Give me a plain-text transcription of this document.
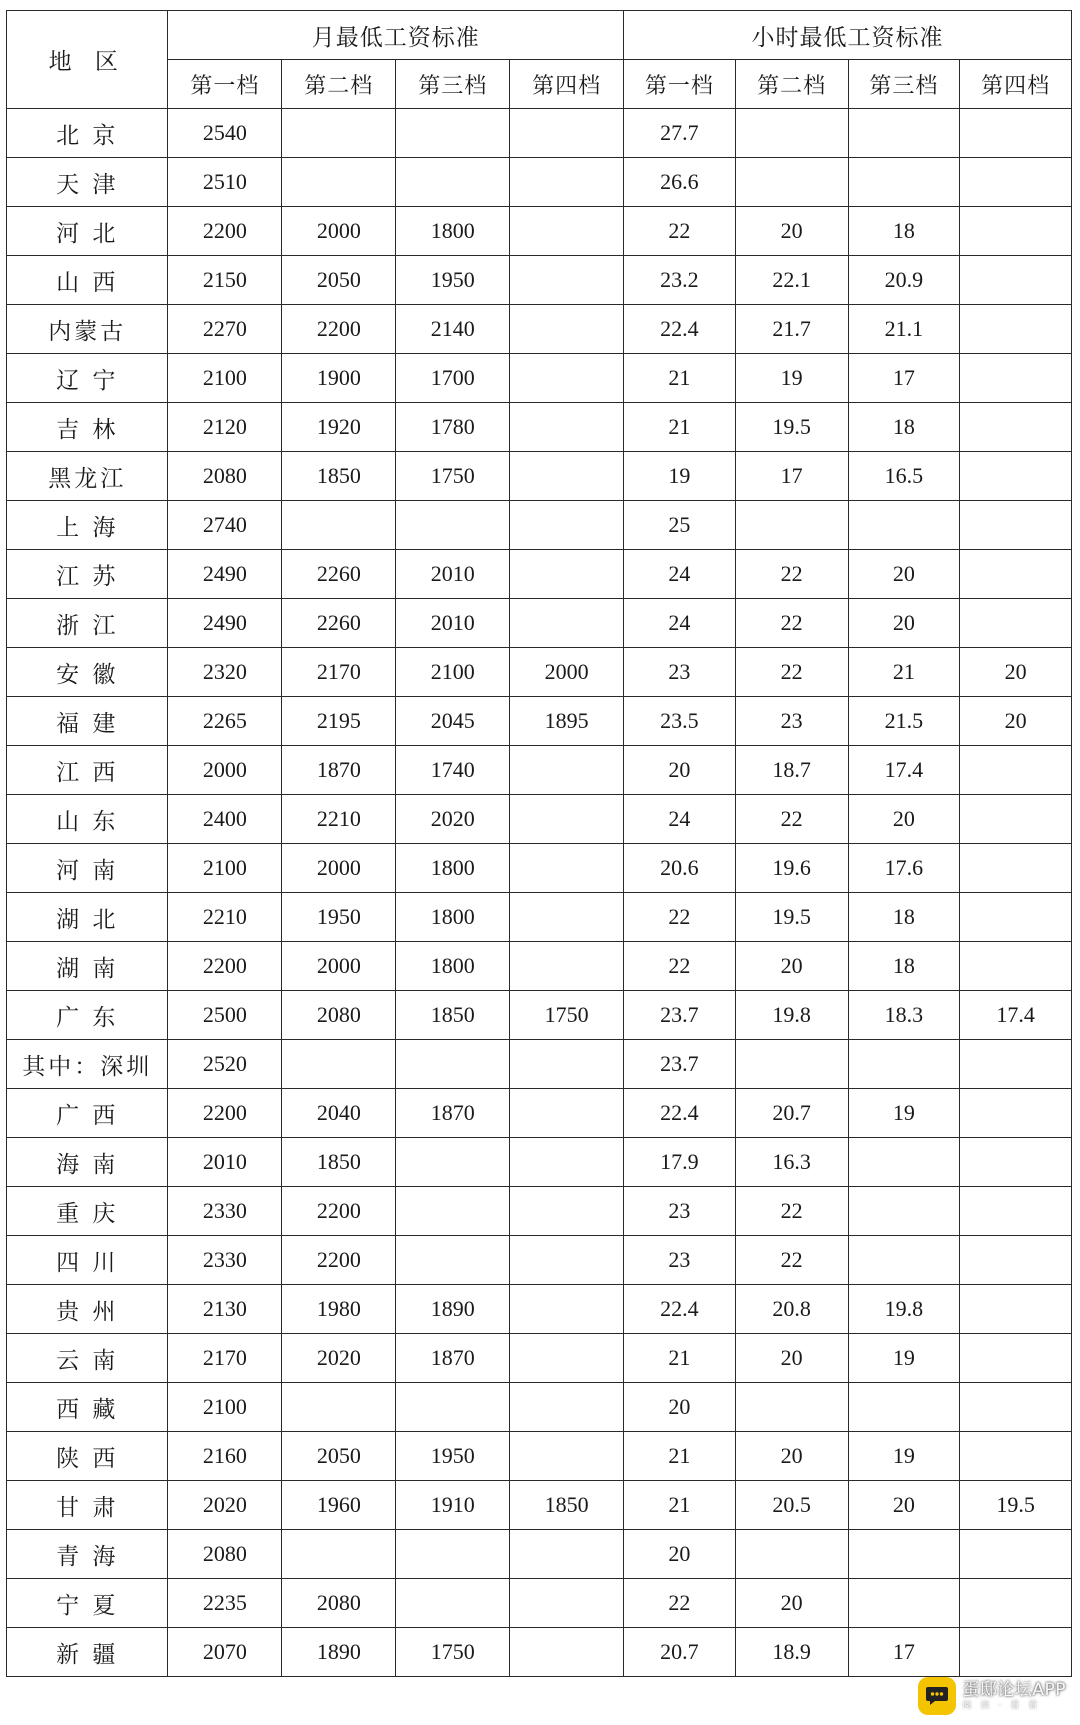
地 区	月最低工资标准				小时最低工资标准			
	第一档	第二档	第三档	第四档	第一档	第二档	第三档	第四档
北 京	2540				27.7			
天 津	2510				26.6			
河 北	2200	2000	1800		22	20	18	
山 西	2150	2050	1950		23.2	22.1	20.9	
内蒙古	2270	2200	2140		22.4	21.7	21.1	
辽 宁	2100	1900	1700		21	19	17	
吉 林	2120	1920	1780		21	19.5	18	
黑龙江	2080	1850	1750		19	17	16.5	
上 海	2740				25			
江 苏	2490	2260	2010		24	22	20	
浙 江	2490	2260	2010		24	22	20	
安 徽	2320	2170	2100	2000	23	22	21	20
福 建	2265	2195	2045	1895	23.5	23	21.5	20
江 西	2000	1870	1740		20	18.7	17.4	
山 东	2400	2210	2020		24	22	20	
河 南	2100	2000	1800		20.6	19.6	17.6	
湖 北	2210	1950	1800		22	19.5	18	
湖 南	2200	2000	1800		22	20	18	
广 东	2500	2080	1850	1750	23.7	19.8	18.3	17.4
其中：深圳	2520				23.7			
广 西	2200	2040	1870		22.4	20.7	19	
海 南	2010	1850			17.9	16.3		
重 庆	2330	2200			23	22		
四 川	2330	2200			23	22		
贵 州	2130	1980	1890		22.4	20.8	19.8	
云 南	2170	2020	1870		21	20	19	
西 藏	2100				20			
陕 西	2160	2050	1950		21	20	19	
甘 肃	2020	1960	1910	1850	21	20.5	20	19.5
青 海	2080				20			
宁 夏	2235	2080			22	20		
新 疆	2070	1890	1750		20.7	18.9	17	
蛋邸论坛APP
阅读·看看
